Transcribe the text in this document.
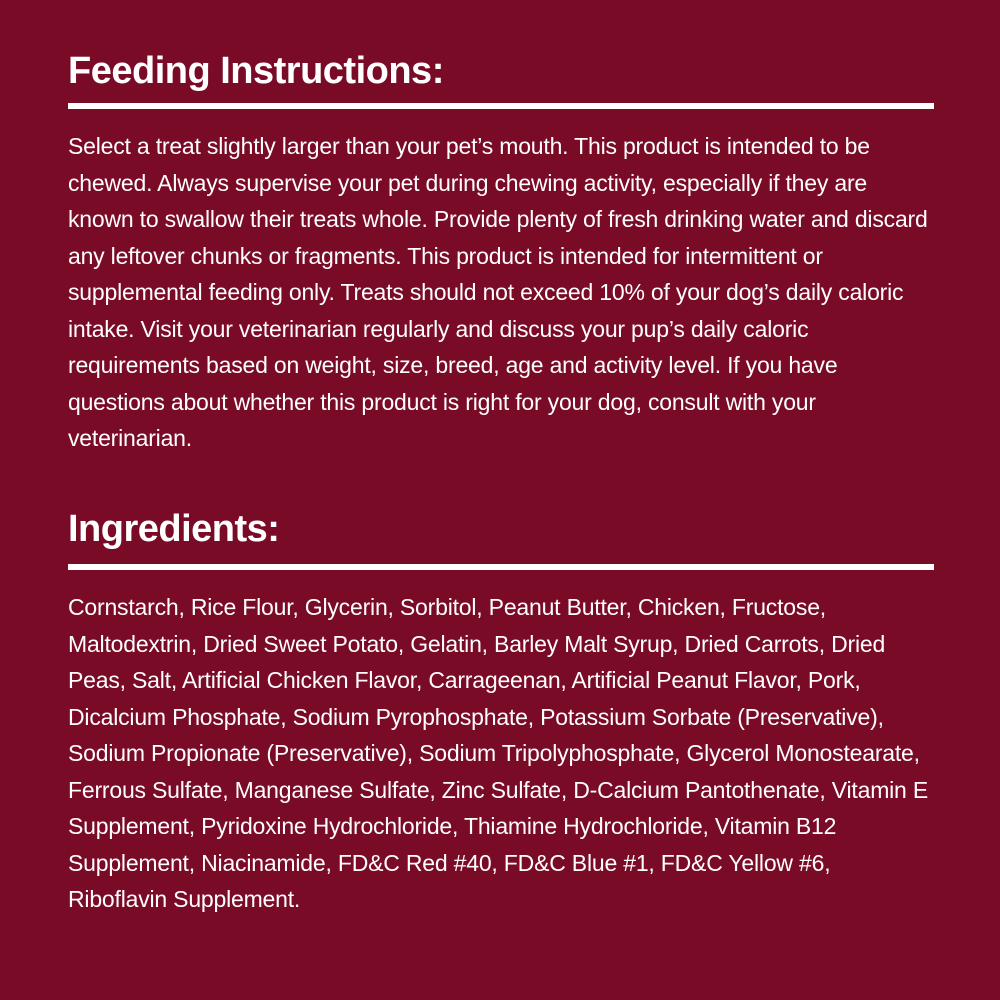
Feeding Instructions:

Select a treat slightly larger than your pet’s mouth. This product is intended to be chewed. Always supervise your pet during chewing activity, especially if they are known to swallow their treats whole. Provide plenty of fresh drinking water and discard any leftover chunks or fragments. This product is intended for intermittent or supplemental feeding only. Treats should not exceed 10% of your dog’s daily caloric intake. Visit your veterinarian regularly and discuss your pup’s daily caloric requirements based on weight, size, breed, age and activity level. If you have questions about whether this product is right for your dog, consult with your veterinarian.

Ingredients:

Cornstarch, Rice Flour, Glycerin, Sorbitol, Peanut Butter, Chicken, Fructose, Maltodextrin, Dried Sweet Potato, Gelatin, Barley Malt Syrup, Dried Carrots, Dried Peas, Salt, Artificial Chicken Flavor, Carrageenan, Artificial Peanut Flavor, Pork, Dicalcium Phosphate, Sodium Pyrophosphate, Potassium Sorbate (Preservative), Sodium Propionate (Preservative), Sodium Tripolyphosphate, Glycerol Monostearate, Ferrous Sulfate, Manganese Sulfate, Zinc Sulfate, D-Calcium Pantothenate, Vitamin E Supplement, Pyridoxine Hydrochloride, Thiamine Hydrochloride, Vitamin B12 Supplement, Niacinamide, FD&C Red #40, FD&C Blue #1, FD&C Yellow #6, Riboflavin Supplement.
